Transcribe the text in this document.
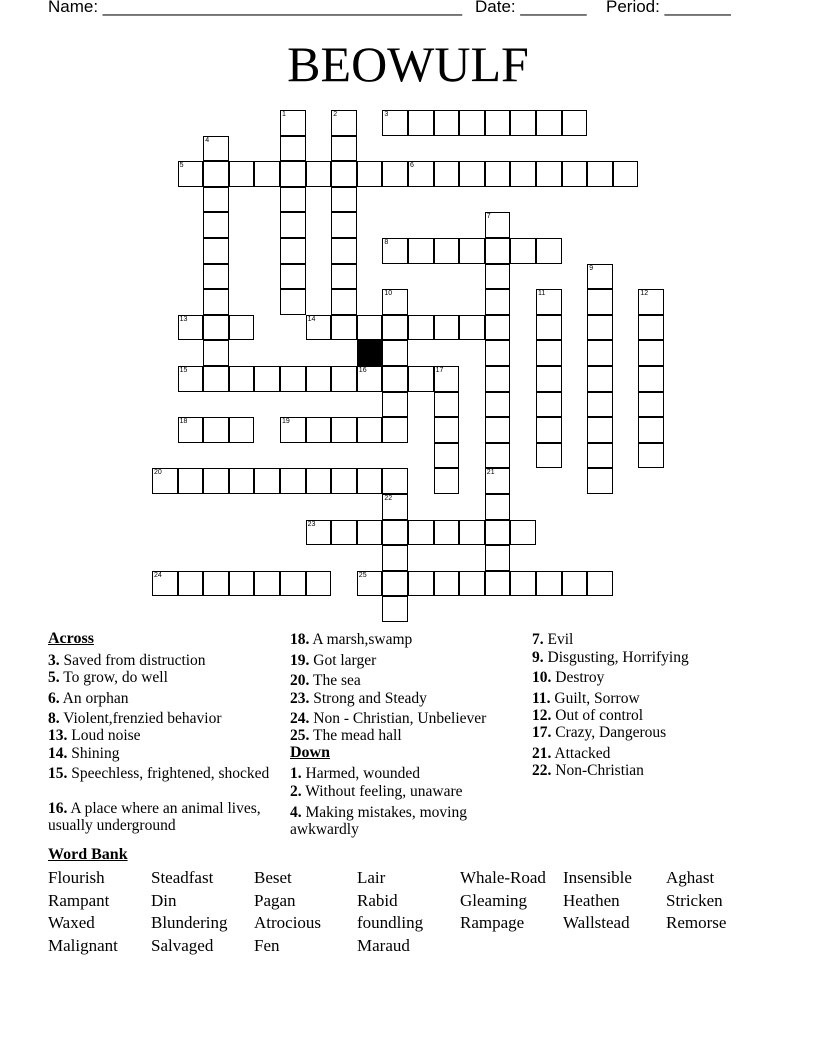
Name: ______________________________________ Date: _______ Period: _______
BEOWULF
3
5	6
8
13	14
15	16	17
18	19
20
23
24	25
1	2
4
7
9
10	11	12
21
22
Across
3. Saved from distruction
5. To grow, do well
6. An orphan
8. Violent,frenzied behavior
13. Loud noise
14. Shining
15. Speechless, frightened, shocked
16. A place where an animal lives, usually underground
18. A marsh,swamp
19. Got larger
20. The sea
23. Strong and Steady
24. Non - Christian, Unbeliever
25. The mead hall
Down
1. Harmed, wounded
2. Without feeling, unaware
4. Making mistakes, moving awkwardly
7. Evil
9. Disgusting, Horrifying
10. Destroy
11. Guilt, Sorrow
12. Out of control
17. Crazy, Dangerous
21. Attacked
22. Non-Christian
Word Bank
Flourish	Steadfast Beset	Lair	Whale-Road Insensible Aghast
Rampant Din	Pagan	Rabid	Gleaming Heathen	Stricken
Waxed	Blundering Atrocious foundling Rampage Wallstead Remorse
Malignant Salvaged Fen	Maraud
